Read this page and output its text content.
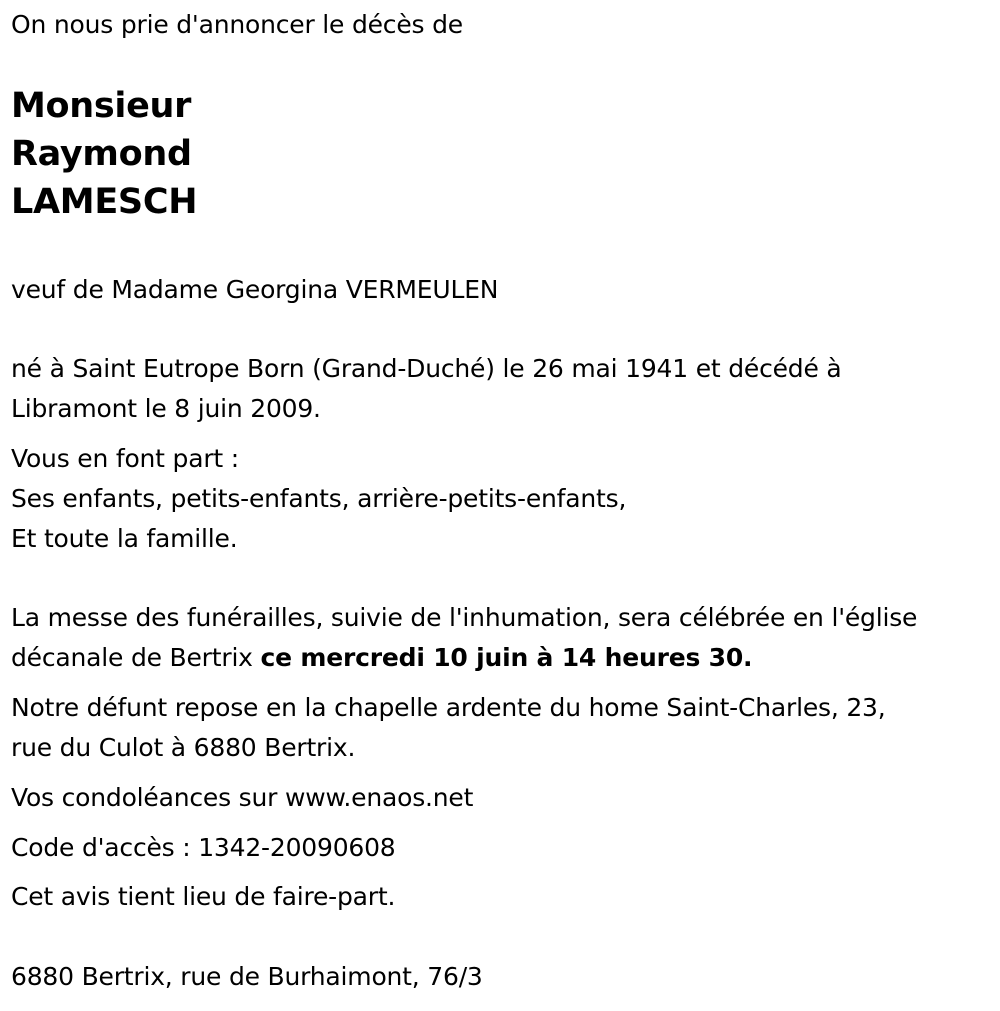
On nous prie d'annoncer le décès de

Monsieur

Raymond

LAMESCH

veuf de Madame Georgina VERMEULEN

né à Saint Eutrope Born (Grand-Duché) le 26 mai 1941 et décédé à

Libramont le 8 juin 2009.

Vous en font part :

Ses enfants, petits-enfants, arrière-petits-enfants,

Et toute la famille.

La messe des funérailles, suivie de l'inhumation, sera célébrée en l'église

décanale de Bertrix ce mercredi 10 juin à 14 heures 30.

Notre défunt repose en la chapelle ardente du home Saint-Charles, 23,

rue du Culot à 6880 Bertrix.

Vos condoléances sur www.enaos.net

Code d'accès : 1342-20090608

Cet avis tient lieu de faire-part.

6880 Bertrix, rue de Burhaimont, 76/3
